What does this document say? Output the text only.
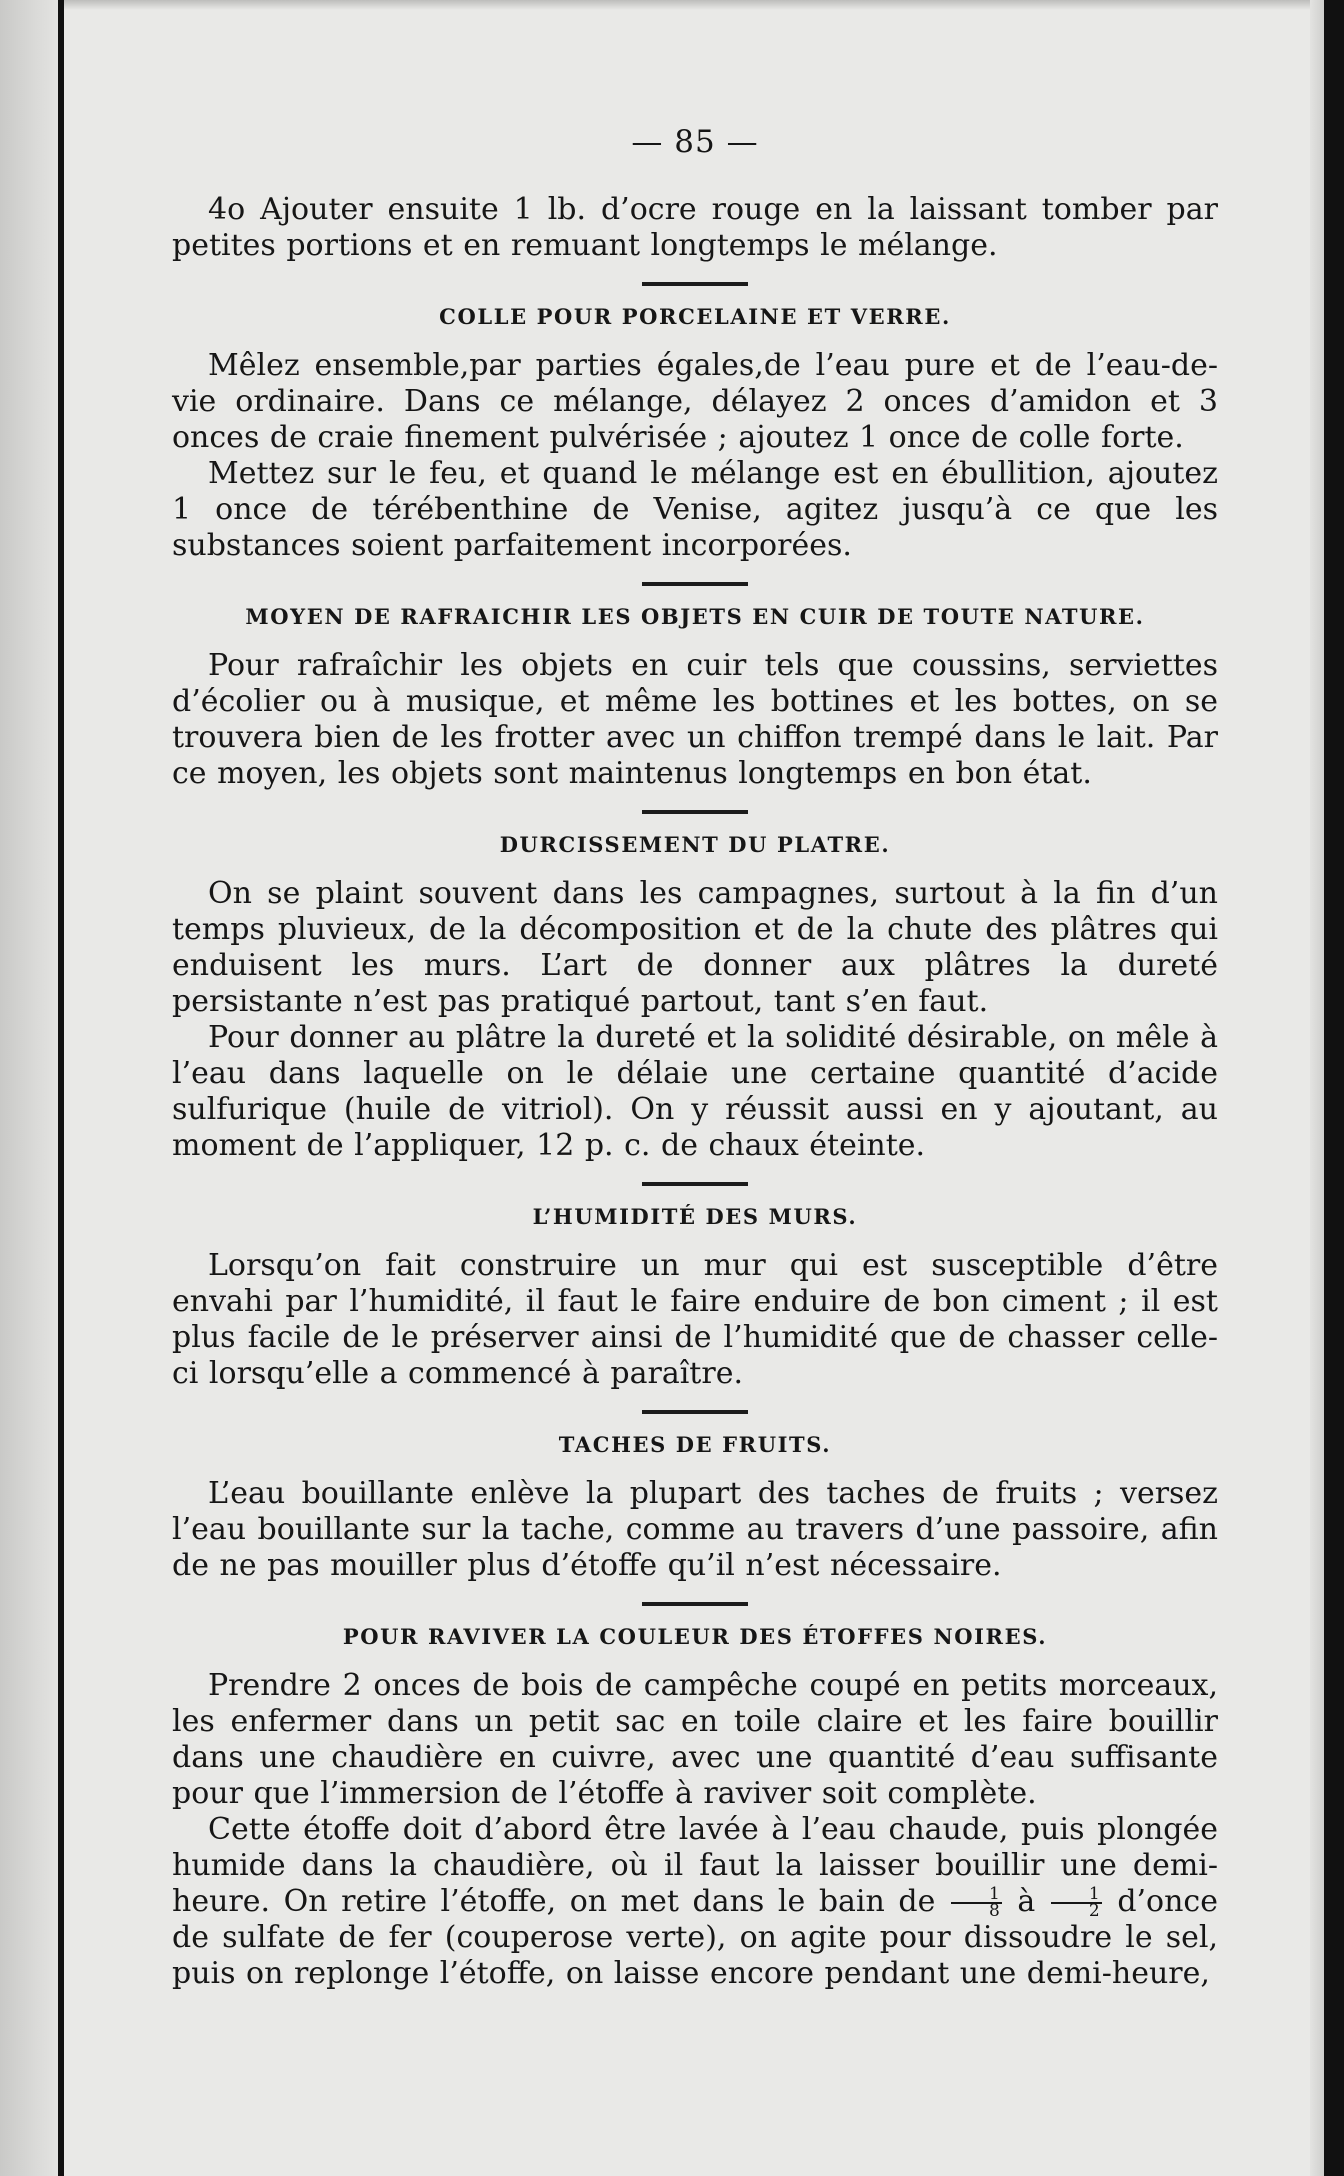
— 85 —

4o Ajouter ensuite 1 lb. d’ocre rouge en la laissant tomber par petites portions et en remuant longtemps le mélange.

COLLE POUR PORCELAINE ET VERRE.

Mêlez ensemble,par parties égales,de l’eau pure et de l’eau-de-vie ordinaire. Dans ce mélange, délayez 2 onces d’amidon et 3 onces de craie finement pulvérisée ; ajoutez 1 once de colle forte.

Mettez sur le feu, et quand le mélange est en ébullition, ajoutez 1 once de térébenthine de Venise, agitez jusqu’à ce que les substances soient parfaitement incorporées.

MOYEN DE RAFRAICHIR LES OBJETS EN CUIR DE TOUTE NATURE.

Pour rafraîchir les objets en cuir tels que coussins, serviettes d’écolier ou à musique, et même les bottines et les bottes, on se trouvera bien de les frotter avec un chiffon trempé dans le lait. Par ce moyen, les objets sont maintenus longtemps en bon état.

DURCISSEMENT DU PLATRE.

On se plaint souvent dans les campagnes, surtout à la fin d’un temps pluvieux, de la décomposition et de la chute des plâtres qui enduisent les murs. L’art de donner aux plâtres la dureté persistante n’est pas pratiqué partout, tant s’en faut.

Pour donner au plâtre la dureté et la solidité désirable, on mêle à l’eau dans laquelle on le délaie une certaine quantité d’acide sulfurique (huile de vitriol). On y réussit aussi en y ajoutant, au moment de l’appliquer, 12 p. c. de chaux éteinte.

L’HUMIDITÉ DES MURS.

Lorsqu’on fait construire un mur qui est susceptible d’être envahi par l’humidité, il faut le faire enduire de bon ciment ; il est plus facile de le préserver ainsi de l’humidité que de chasser celle-ci lorsqu’elle a commencé à paraître.

TACHES DE FRUITS.

L’eau bouillante enlève la plupart des taches de fruits ; versez l’eau bouillante sur la tache, comme au travers d’une passoire, afin de ne pas mouiller plus d’étoffe qu’il n’est nécessaire.

POUR RAVIVER LA COULEUR DES ÉTOFFES NOIRES.

Prendre 2 onces de bois de campêche coupé en petits morceaux, les enfermer dans un petit sac en toile claire et les faire bouillir dans une chaudière en cuivre, avec une quantité d’eau suffisante pour que l’immersion de l’étoffe à raviver soit complète.

Cette étoffe doit d’abord être lavée à l’eau chaude, puis plongée humide dans la chaudière, où il faut la laisser bouillir une demi-heure. On retire l’étoffe, on met dans le bain de $\frac{1}{8}$ à $\frac{1}{2}$ d’once de sulfate de fer (couperose verte), on agite pour dissoudre le sel, puis on replonge l’étoffe, on laisse encore pendant une demi-heure,
